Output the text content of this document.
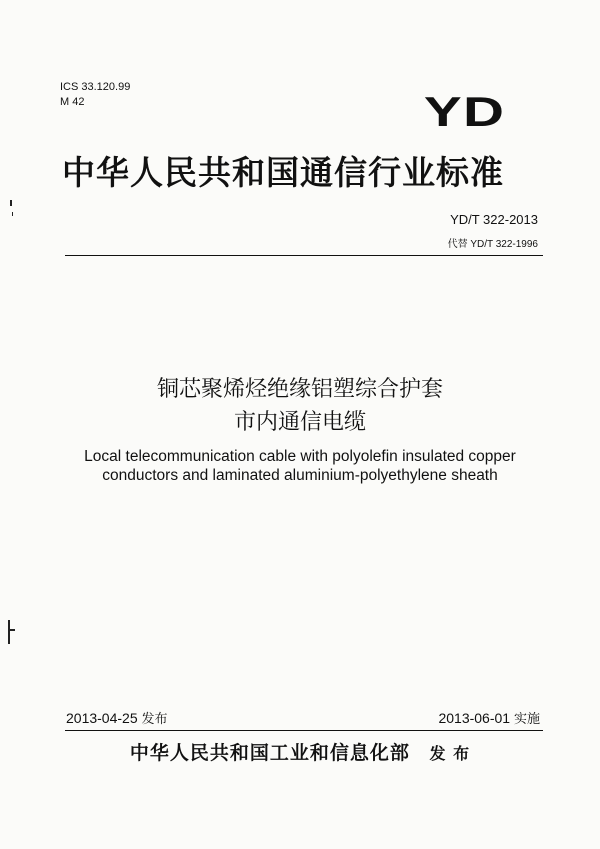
ICS 33.120.99
M 42	YD
中华人民共和国通信行业标准
YD/T 322-2013
代替 YD/T 322-1996
铜芯聚烯烃绝缘铝塑综合护套
市内通信电缆
Local telecommunication cable with polyolefin insulated copper
conductors and laminated aluminium-polyethylene sheath
2013-04-25 发布	2013-06-01 实施
中华人民共和国工业和信息化部 发 布
